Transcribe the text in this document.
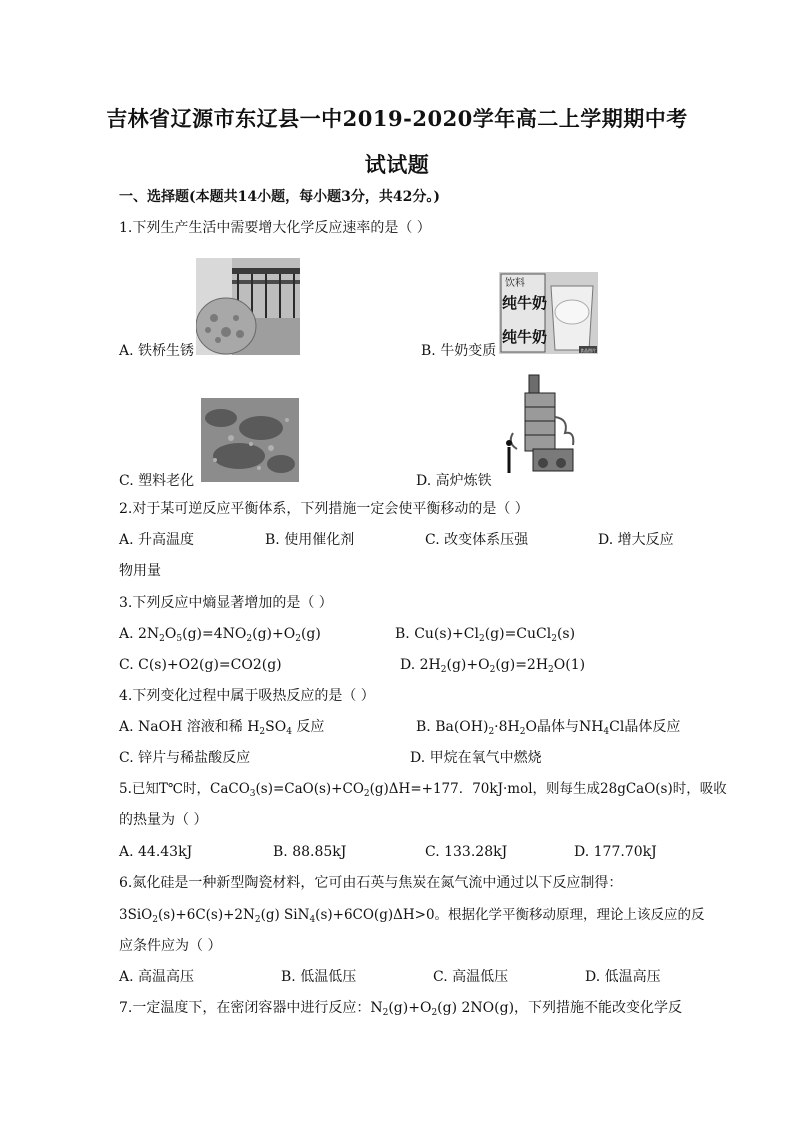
吉林省辽源市东辽县一中2019-2020学年高二上学期期中考
试试题
一、选择题(本题共14小题，每小题3分，共42分。)
1.下列生产生活中需要增大化学反应速率的是（ ）
A. 铁桥生锈
饮料
纯牛奶
纯牛奶
食品图片
B. 牛奶变质
C. 塑料老化	D. 高炉炼铁
2.对于某可逆反应平衡体系，下列措施一定会使平衡移动的是（ ）
A. 升高温度	B. 使用催化剂	C. 改变体系压强	D. 增大反应
物用量
3.下列反应中熵显著增加的是（ ）
A. $2N_2O_5(g)=4NO_2(g)+O_2(g)$	B. $Cu(s)+Cl_2(g)=CuCl_2(s)$
C. C(s)+O2(g)=CO2(g)	D. $2H_2(g)+O_2(g)=2H_2O(1)$
4.下列变化过程中属于吸热反应的是（ ）
A. NaOH 溶液和稀 $H_2SO_4$ 反应	B. $Ba(OH)_2\cdot 8H_2O$晶体与$NH_4Cl$晶体反应
C. 锌片与稀盐酸反应	D. 甲烷在氧气中燃烧
5.已知T℃时，$CaCO_3(s)=CaO(s)+CO_2(g)\Delta H=+177$．70kJ·mol，则每生成28gCaO(s)时，吸收
的热量为（ ）
A. 44.43kJ	B. 88.85kJ	C. 133.28kJ	D. 177.70kJ
6.氮化硅是一种新型陶瓷材料，它可由石英与焦炭在氮气流中通过以下反应制得：
$3SiO_2(s)+6C(s)+2N_2(g)$ SiN$_4$(s)+6CO(g)ΔH>0。根据化学平衡移动原理，理论上该反应的反
应条件应为（ ）
A. 高温高压	B. 低温低压	C. 高温低压	D. 低温高压
7.一定温度下，在密闭容器中进行反应：$N_2(g)+O_2(g)$ 2NO(g)，下列措施不能改变化学反
